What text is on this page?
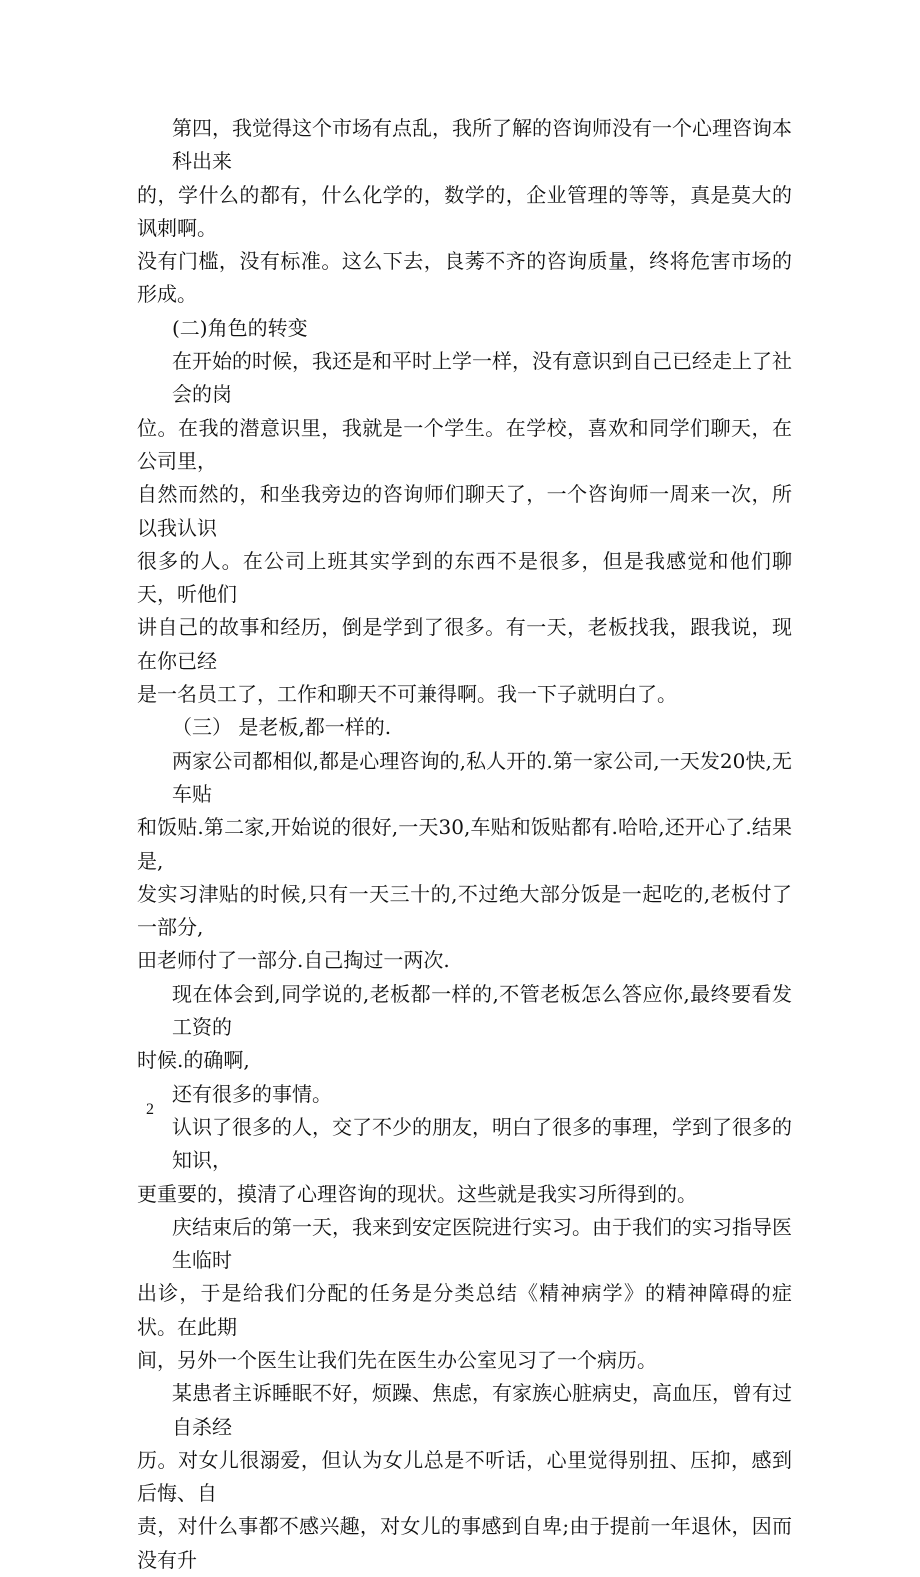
第四，我觉得这个市场有点乱，我所了解的咨询师没有一个心理咨询本科出来

的，学什么的都有，什么化学的，数学的，企业管理的等等，真是莫大的讽刺啊。

没有门槛，没有标准。这么下去，良莠不齐的咨询质量，终将危害市场的形成。

(二)角色的转变

在开始的时候，我还是和平时上学一样，没有意识到自己已经走上了社会的岗

位。在我的潜意识里，我就是一个学生。在学校，喜欢和同学们聊天，在公司里，

自然而然的，和坐我旁边的咨询师们聊天了，一个咨询师一周来一次，所以我认识

很多的人。在公司上班其实学到的东西不是很多，但是我感觉和他们聊天，听他们

讲自己的故事和经历，倒是学到了很多。有一天，老板找我，跟我说，现在你已经

是一名员工了，工作和聊天不可兼得啊。我一下子就明白了。

（三） 是老板,都一样的.

两家公司都相似,都是心理咨询的,私人开的.第一家公司,一天发20快,无车贴

和饭贴.第二家,开始说的很好,一天30,车贴和饭贴都有.哈哈,还开心了.结果是,

发实习津贴的时候,只有一天三十的,不过绝大部分饭是一起吃的,老板付了一部分,

田老师付了一部分.自己掏过一两次.

现在体会到,同学说的,老板都一样的,不管老板怎么答应你,最终要看发工资的

时候.的确啊,

还有很多的事情。

认识了很多的人，交了不少的朋友，明白了很多的事理，学到了很多的知识，

更重要的，摸清了心理咨询的现状。这些就是我实习所得到的。

庆结束后的第一天，我来到安定医院进行实习。由于我们的实习指导医生临时

出诊，于是给我们分配的任务是分类总结《精神病学》的精神障碍的症状。在此期

间，另外一个医生让我们先在医生办公室见习了一个病历。

某患者主诉睡眠不好，烦躁、焦虑，有家族心脏病史，高血压，曾有过自杀经

历。对女儿很溺爱，但认为女儿总是不听话，心里觉得别扭、压抑，感到后悔、自

责，对什么事都不感兴趣，对女儿的事感到自卑;由于提前一年退休，因而没有升

2
